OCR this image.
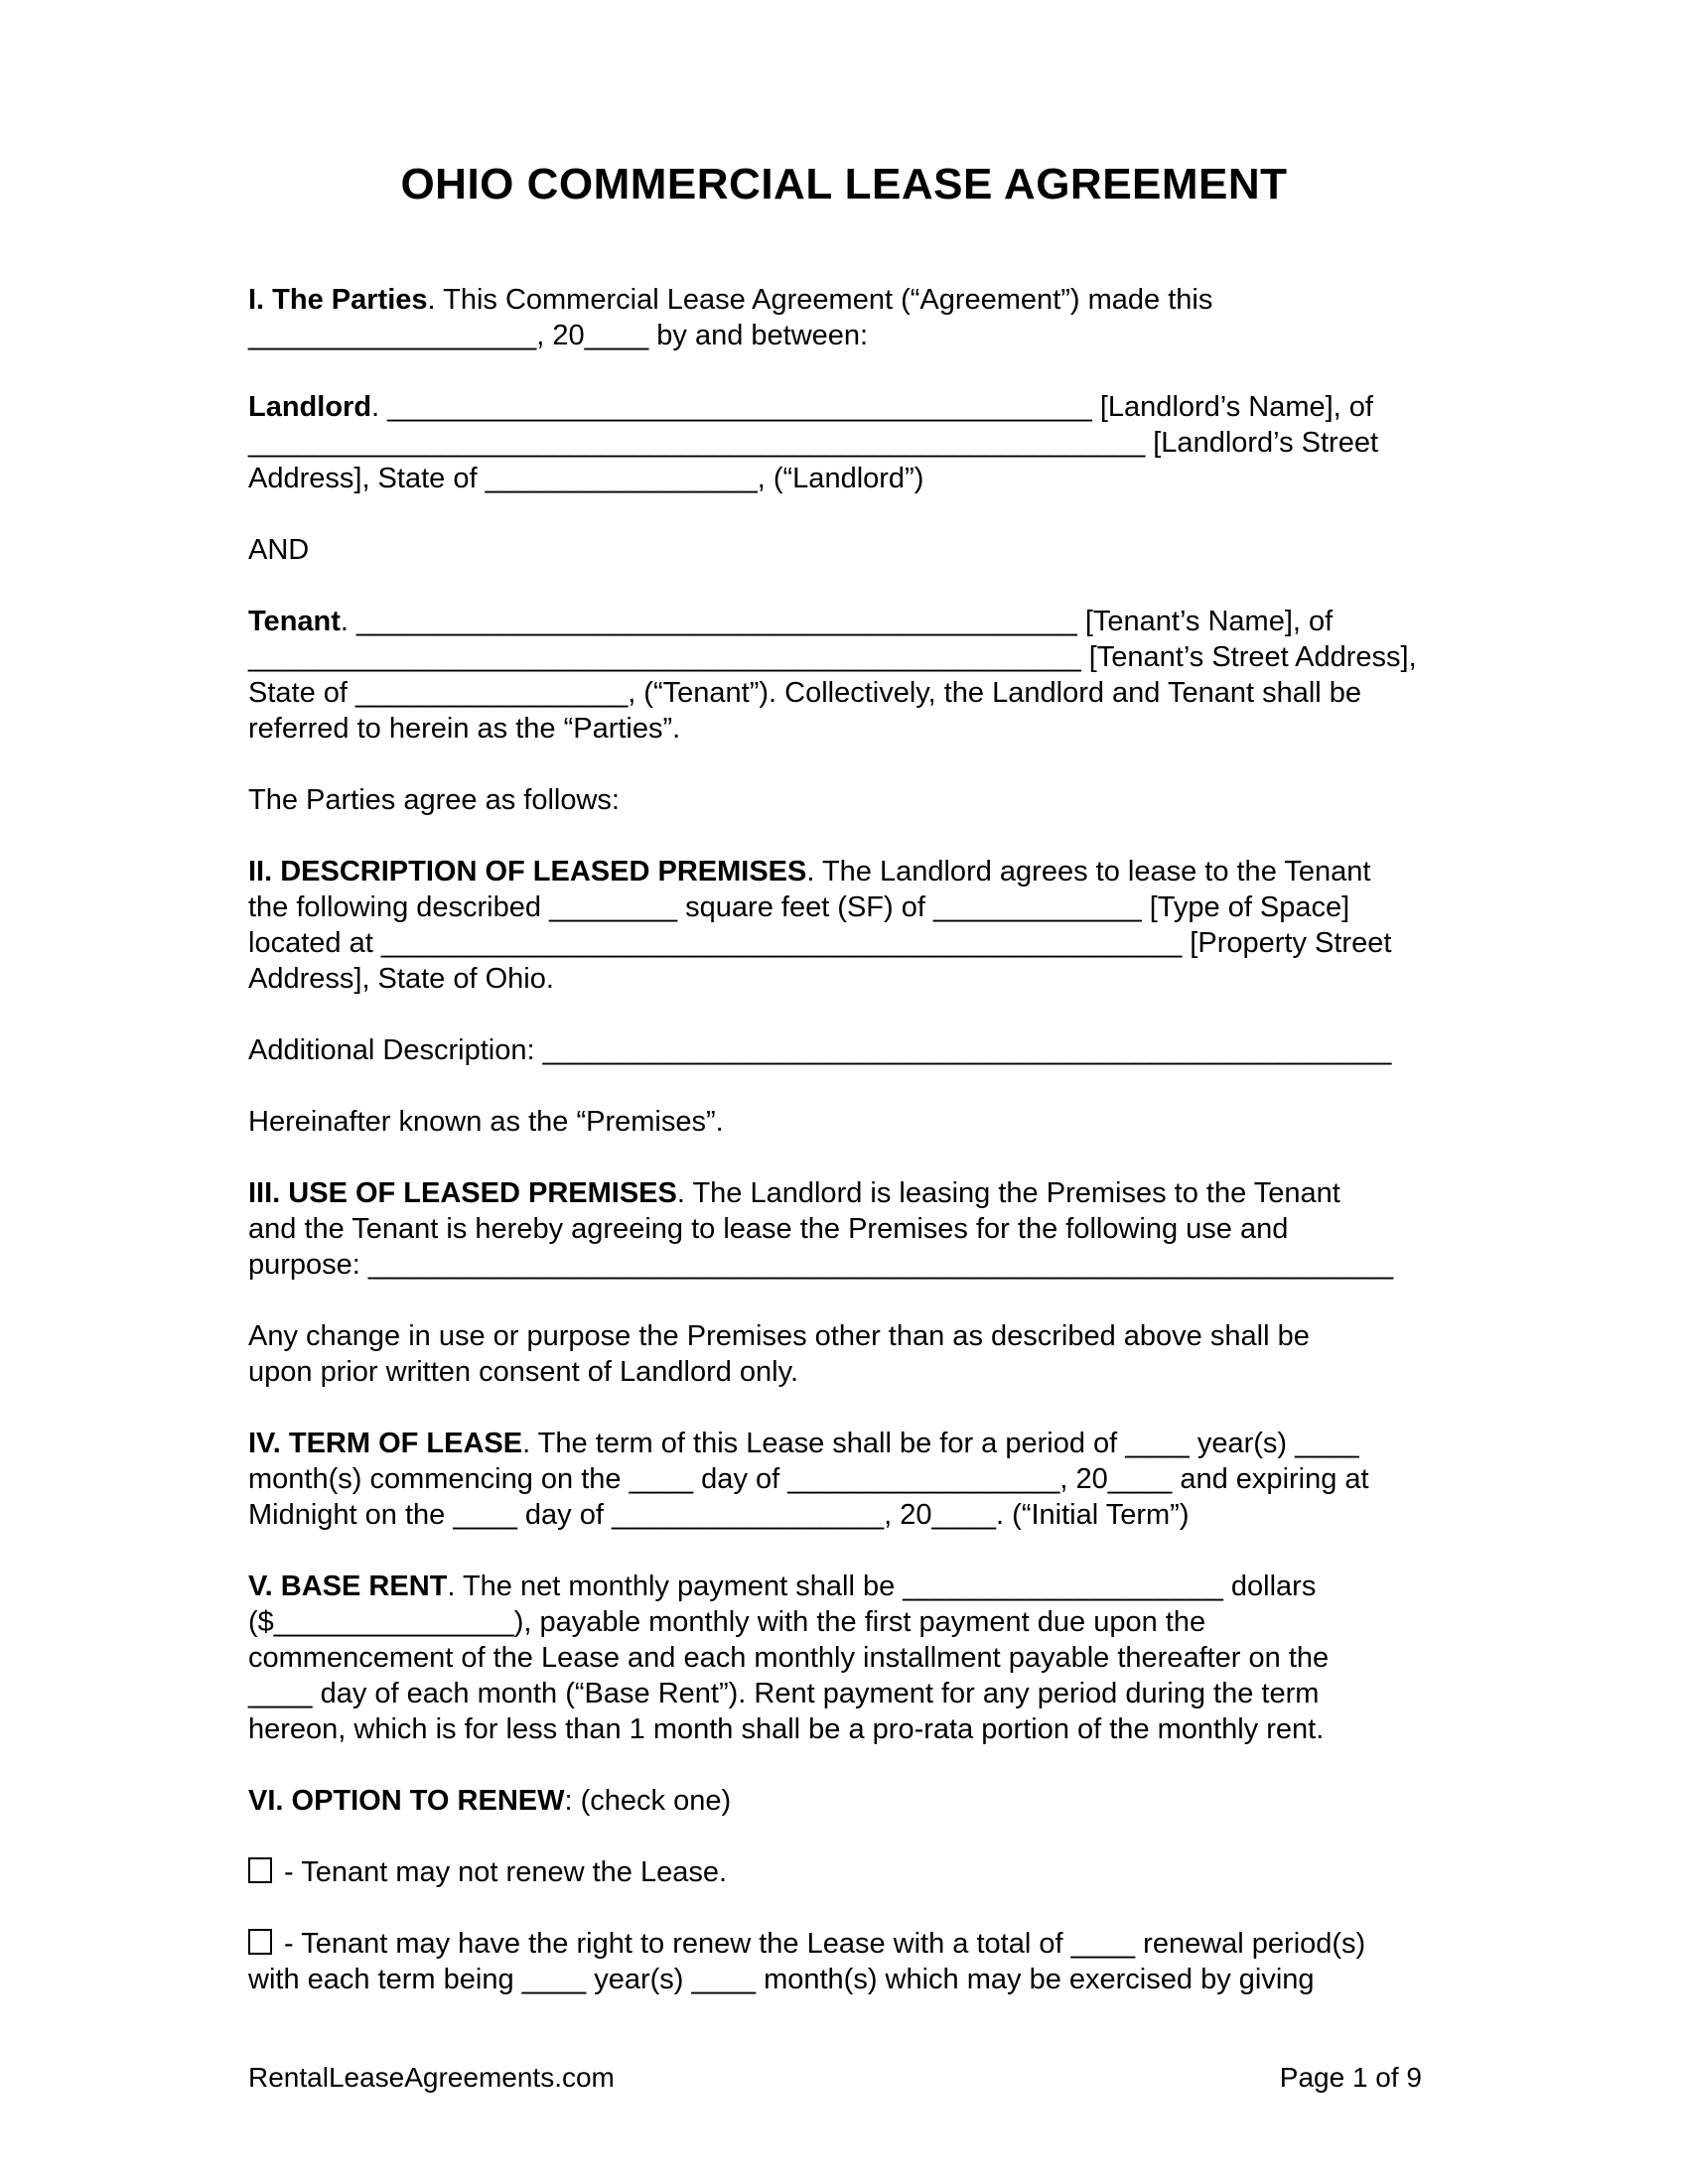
OHIO COMMERCIAL LEASE AGREEMENT

I. The Parties. This Commercial Lease Agreement (“Agreement”) made this
__________________, 20____ by and between:

Landlord. ____________________________________________ [Landlord’s Name], of
________________________________________________________ [Landlord’s Street
Address], State of _________________, (“Landlord”)

AND

Tenant. _____________________________________________ [Tenant’s Name], of
____________________________________________________ [Tenant’s Street Address],
State of _________________, (“Tenant”). Collectively, the Landlord and Tenant shall be
referred to herein as the “Parties”.

The Parties agree as follows:

II. DESCRIPTION OF LEASED PREMISES. The Landlord agrees to lease to the Tenant
the following described ________ square feet (SF) of _____________ [Type of Space]
located at __________________________________________________ [Property Street
Address], State of Ohio.

Additional Description: _____________________________________________________

Hereinafter known as the “Premises”.

III. USE OF LEASED PREMISES. The Landlord is leasing the Premises to the Tenant
and the Tenant is hereby agreeing to lease the Premises for the following use and
purpose: ________________________________________________________________

Any change in use or purpose the Premises other than as described above shall be
upon prior written consent of Landlord only.

IV. TERM OF LEASE. The term of this Lease shall be for a period of ____ year(s) ____
month(s) commencing on the ____ day of _________________, 20____ and expiring at
Midnight on the ____ day of _________________, 20____. (“Initial Term”)

V. BASE RENT. The net monthly payment shall be ____________________ dollars
($_______________), payable monthly with the first payment due upon the
commencement of the Lease and each monthly installment payable thereafter on the
____ day of each month (“Base Rent”). Rent payment for any period during the term
hereon, which is for less than 1 month shall be a pro-rata portion of the monthly rent.

VI. OPTION TO RENEW: (check one)

- Tenant may not renew the Lease.

- Tenant may have the right to renew the Lease with a total of ____ renewal period(s)
with each term being ____ year(s) ____ month(s) which may be exercised by giving

RentalLeaseAgreements.com	Page 1 of 9
